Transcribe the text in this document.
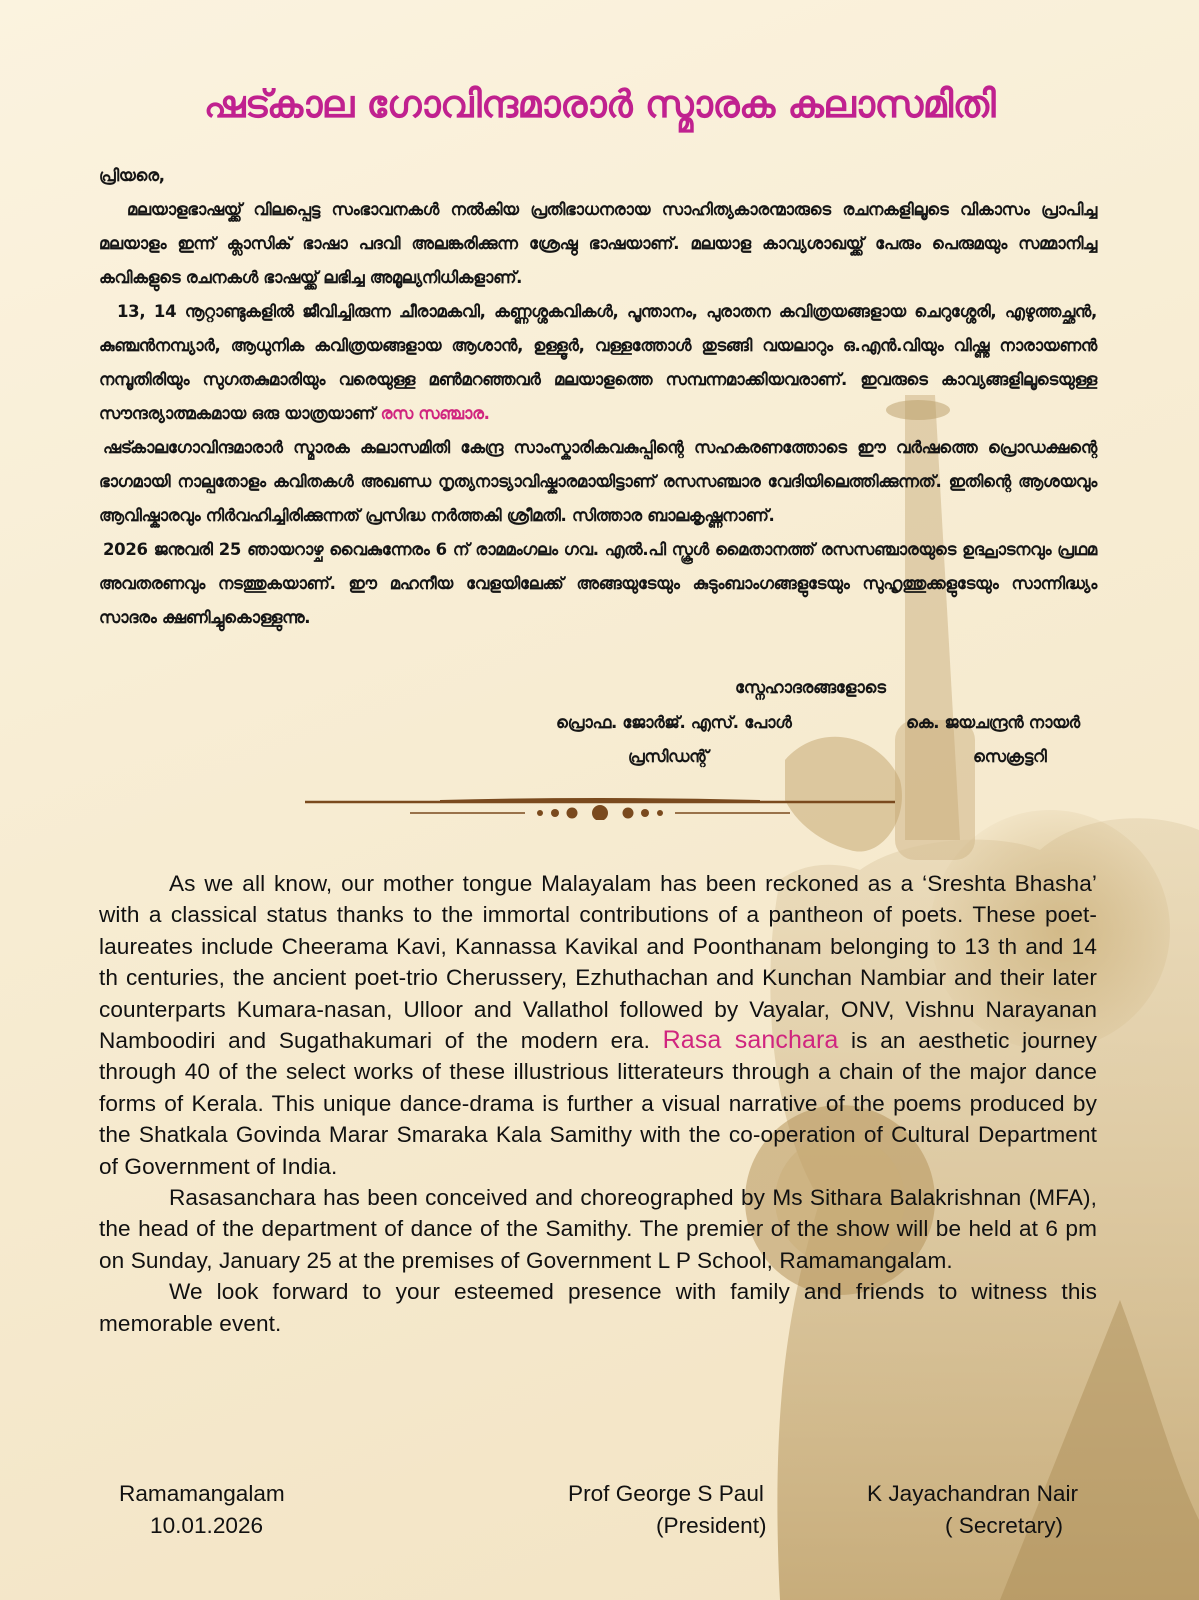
ഷട്കാല ഗോവിന്ദമാരാർ സ്മാരക കലാസമിതി

പ്രിയരെ,

മലയാളഭാഷയ്ക്ക് വിലപ്പെട്ട സംഭാവനകൾ നൽകിയ പ്രതിഭാധനരായ സാഹിത്യകാരന്മാരുടെ രചനകളിലൂടെ വികാസം പ്രാപിച്ച മലയാളം ഇന്ന് ക്ലാസിക് ഭാഷാ പദവി അലങ്കരിക്കുന്ന ശ്രേഷ്ഠ ഭാഷയാണ്. മലയാള കാവ്യശാഖയ്ക്ക് പേരും പെരുമയും സമ്മാനിച്ച കവികളുടെ രചനകൾ ഭാഷയ്ക്ക് ലഭിച്ച അമൂല്യനിധികളാണ്.

13, 14 നൂറ്റാണ്ടുകളിൽ ജീവിച്ചിരുന്ന ചീരാമകവി, കണ്ണശ്ശകവികൾ, പൂന്താനം, പുരാതന കവിത്രയങ്ങളായ ചെറുശ്ശേരി, എഴുത്തച്ഛൻ, കുഞ്ചൻനമ്പ്യാർ, ആധുനിക കവിത്രയങ്ങളായ ആശാൻ, ഉള്ളൂർ, വള്ളത്തോൾ തുടങ്ങി വയലാറും ഒ.എൻ.വിയും വിഷ്ണു നാരായണൻ നമ്പൂതിരിയും സുഗതകുമാരിയും വരെയുള്ള മൺമറഞ്ഞവർ മലയാളത്തെ സമ്പന്നമാക്കിയവരാണ്. ഇവരുടെ കാവ്യങ്ങളിലൂടെയുള്ള സൗന്ദര്യാത്മകമായ ഒരു യാത്രയാണ് രസ സഞ്ചാര.

ഷട്കാലഗോവിന്ദമാരാർ സ്മാരക കലാസമിതി കേന്ദ്ര സാംസ്കാരികവകുപ്പിന്റെ സഹകരണത്തോടെ ഈ വർഷത്തെ പ്രൊഡക്ഷന്റെ ഭാഗമായി നാല്പതോളം കവിതകൾ അഖണ്ഡ നൃത്യനാട്യാവിഷ്കാരമായിട്ടാണ് രസസഞ്ചാര വേദിയിലെത്തിക്കുന്നത്. ഇതിന്റെ ആശയവും ആവിഷ്കാരവും നിർവഹിച്ചിരിക്കുന്നത് പ്രസിദ്ധ നർത്തകി ശ്രീമതി. സിത്താര ബാലകൃഷ്ണനാണ്.

2026 ജനുവരി 25 ഞായറാഴ്ച വൈകുന്നേരം 6 ന് രാമമംഗലം ഗവ. എൽ.പി സ്കൂൾ മൈതാനത്ത് രസസഞ്ചാരയുടെ ഉദ്ഘാടനവും പ്രഥമ അവതരണവും നടത്തുകയാണ്. ഈ മഹനീയ വേളയിലേക്ക് അങ്ങയുടേയും കുടുംബാംഗങ്ങളുടേയും സുഹൃത്തുക്കളുടേയും സാന്നിദ്ധ്യം സാദരം ക്ഷണിച്ചുകൊള്ളുന്നു.

സ്നേഹാദരങ്ങളോടെ
പ്രൊഫ. ജോർജ്. എസ്. പോൾ
പ്രസിഡന്റ്
കെ. ജയചന്ദ്രൻ നായർ
സെക്രട്ടറി

As we all know, our mother tongue Malayalam has been reckoned as a ‘Sreshta Bhasha’ with a classical status thanks to the immortal contributions of a pantheon of poets. These poet-laureates include Cheerama Kavi, Kannassa Kavikal and Poonthanam belonging to 13 th and 14 th centuries, the ancient poet-trio Cherussery, Ezhuthachan and Kunchan Nambiar and their later counterparts Kumara-nasan, Ulloor and Vallathol followed by Vayalar, ONV, Vishnu Narayanan Namboodiri and Sugathakumari of the modern era. Rasa sanchara is an aesthetic journey through 40 of the select works of these illustrious litterateurs through a chain of the major dance forms of Kerala. This unique dance-drama is further a visual narrative of the poems produced by the Shatkala Govinda Marar Smaraka Kala Samithy with the co-operation of Cultural Department of Government of India.

Rasasanchara has been conceived and choreographed by Ms Sithara Balakrishnan (MFA), the head of the department of dance of the Samithy. The premier of the show will be held at 6 pm on Sunday, January 25 at the premises of Government L P School, Ramamangalam.

We look forward to your esteemed presence with family and friends to witness this memorable event.

Ramamangalam
10.01.2026
Prof George S Paul
(President)
K Jayachandran Nair
( Secretary)
